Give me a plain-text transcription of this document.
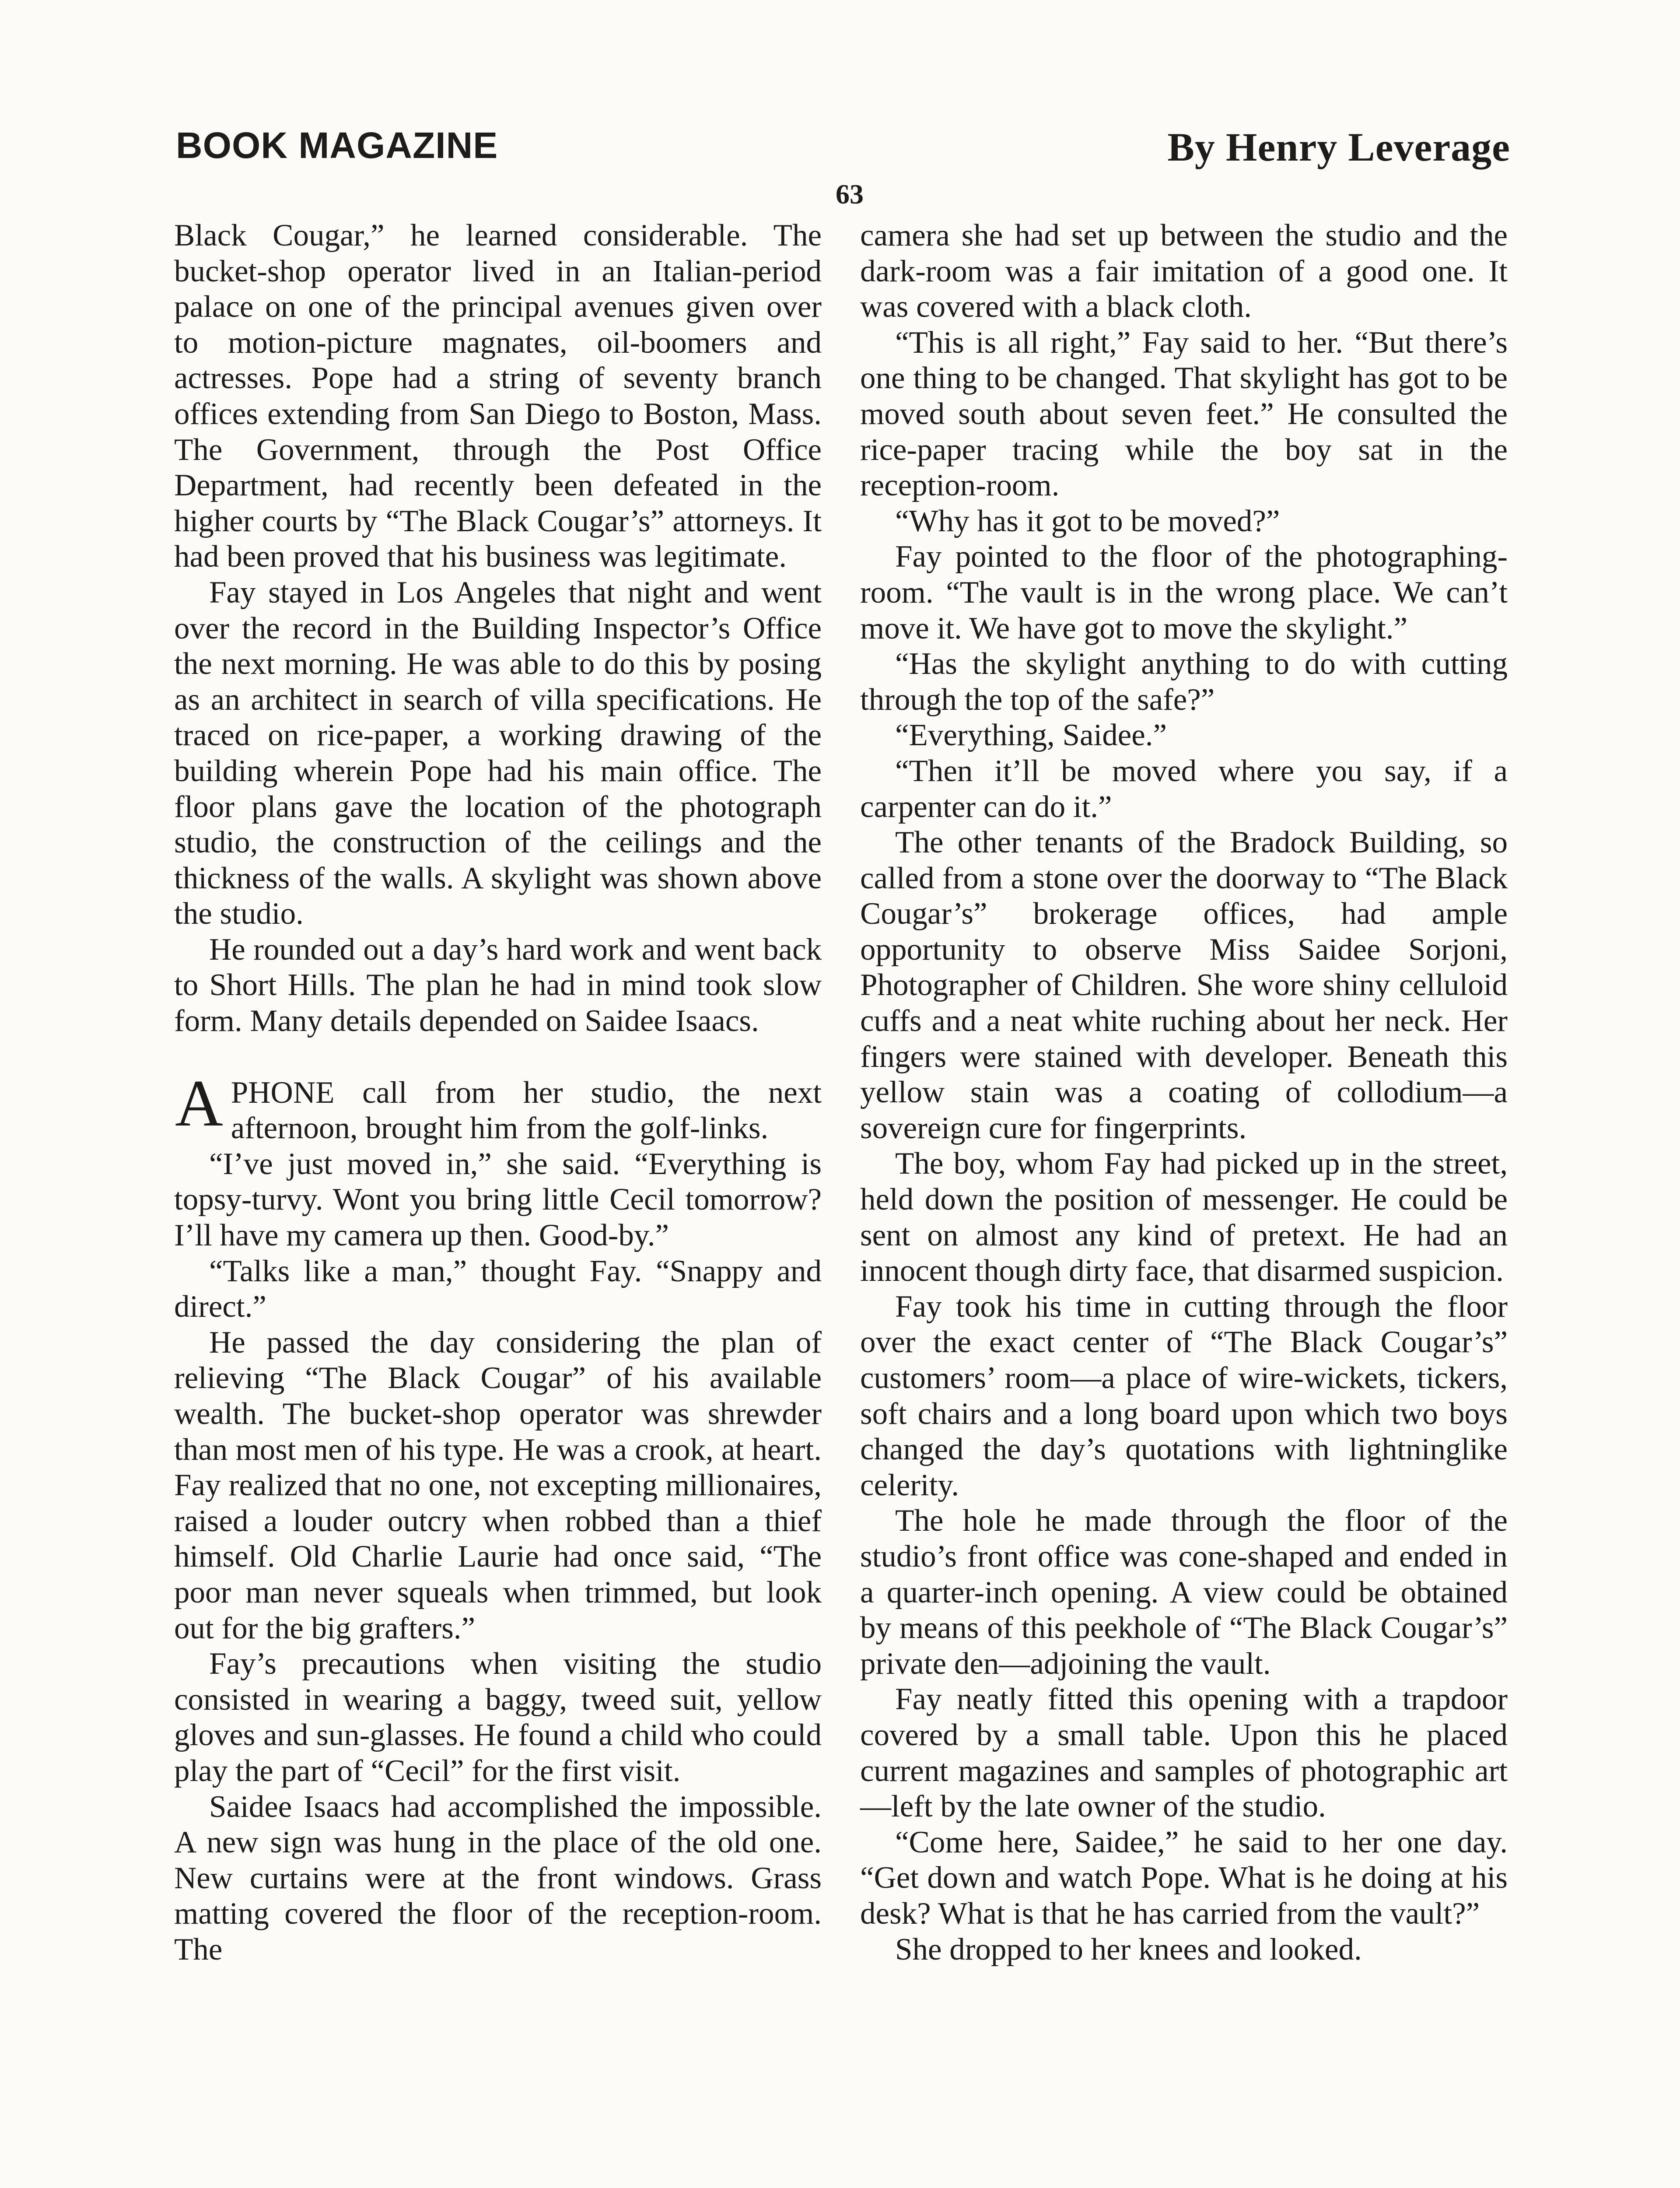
BOOK MAGAZINE	By Henry Leverage
63

Black Cougar,” he learned considerable. The bucket-shop operator lived in an Italian-period palace on one of the principal avenues given over to motion-picture magnates, oil-boomers and actresses. Pope had a string of seventy branch offices extending from San Diego to Boston, Mass. The Government, through the Post Office Department, had recently been defeated in the higher courts by “The Black Cougar’s” attorneys. It had been proved that his business was legitimate.

Fay stayed in Los Angeles that night and went over the record in the Building Inspector’s Office the next morning. He was able to do this by posing as an architect in search of villa specifications. He traced on rice-paper, a working drawing of the building wherein Pope had his main office. The floor plans gave the location of the photograph studio, the construction of the ceilings and the thickness of the walls. A skylight was shown above the studio.

He rounded out a day’s hard work and went back to Short Hills. The plan he had in mind took slow form. Many details depended on Saidee Isaacs.

APHONE call from her studio, the next afternoon, brought him from the golf-links.

“I’ve just moved in,” she said. “Everything is topsy-turvy. Wont you bring little Cecil tomorrow? I’ll have my camera up then. Good-by.”

“Talks like a man,” thought Fay. “Snappy and direct.”

He passed the day considering the plan of relieving “The Black Cougar” of his available wealth. The bucket-shop operator was shrewder than most men of his type. He was a crook, at heart. Fay realized that no one, not excepting millionaires, raised a louder outcry when robbed than a thief himself. Old Charlie Laurie had once said, “The poor man never squeals when trimmed, but look out for the big grafters.”

Fay’s precautions when visiting the studio consisted in wearing a baggy, tweed suit, yellow gloves and sun-glasses. He found a child who could play the part of “Cecil” for the first visit.

Saidee Isaacs had accomplished the impossible. A new sign was hung in the place of the old one. New curtains were at the front windows. Grass matting covered the floor of the reception-room. The

camera she had set up between the studio and the dark-room was a fair imitation of a good one. It was covered with a black cloth.

“This is all right,” Fay said to her. “But there’s one thing to be changed. That skylight has got to be moved south about seven feet.” He consulted the rice-paper tracing while the boy sat in the reception-room.

“Why has it got to be moved?”

Fay pointed to the floor of the photographing-room. “The vault is in the wrong place. We can’t move it. We have got to move the skylight.”

“Has the skylight anything to do with cutting through the top of the safe?”

“Everything, Saidee.”

“Then it’ll be moved where you say, if a carpenter can do it.”

The other tenants of the Bradock Building, so called from a stone over the doorway to “The Black Cougar’s” brokerage offices, had ample opportunity to observe Miss Saidee Sorjoni, Photographer of Children. She wore shiny celluloid cuffs and a neat white ruching about her neck. Her fingers were stained with developer. Beneath this yellow stain was a coating of collodium—a sovereign cure for fingerprints.

The boy, whom Fay had picked up in the street, held down the position of messenger. He could be sent on almost any kind of pretext. He had an innocent though dirty face, that disarmed suspicion.

Fay took his time in cutting through the floor over the exact center of “The Black Cougar’s” customers’ room—a place of wire-wickets, tickers, soft chairs and a long board upon which two boys changed the day’s quotations with lightninglike celerity.

The hole he made through the floor of the studio’s front office was cone-shaped and ended in a quarter-inch opening. A view could be obtained by means of this peekhole of “The Black Cougar’s” private den—adjoining the vault.

Fay neatly fitted this opening with a trapdoor covered by a small table. Upon this he placed current magazines and samples of photographic art—left by the late owner of the studio.

“Come here, Saidee,” he said to her one day. “Get down and watch Pope. What is he doing at his desk? What is that he has carried from the vault?”

She dropped to her knees and looked.
